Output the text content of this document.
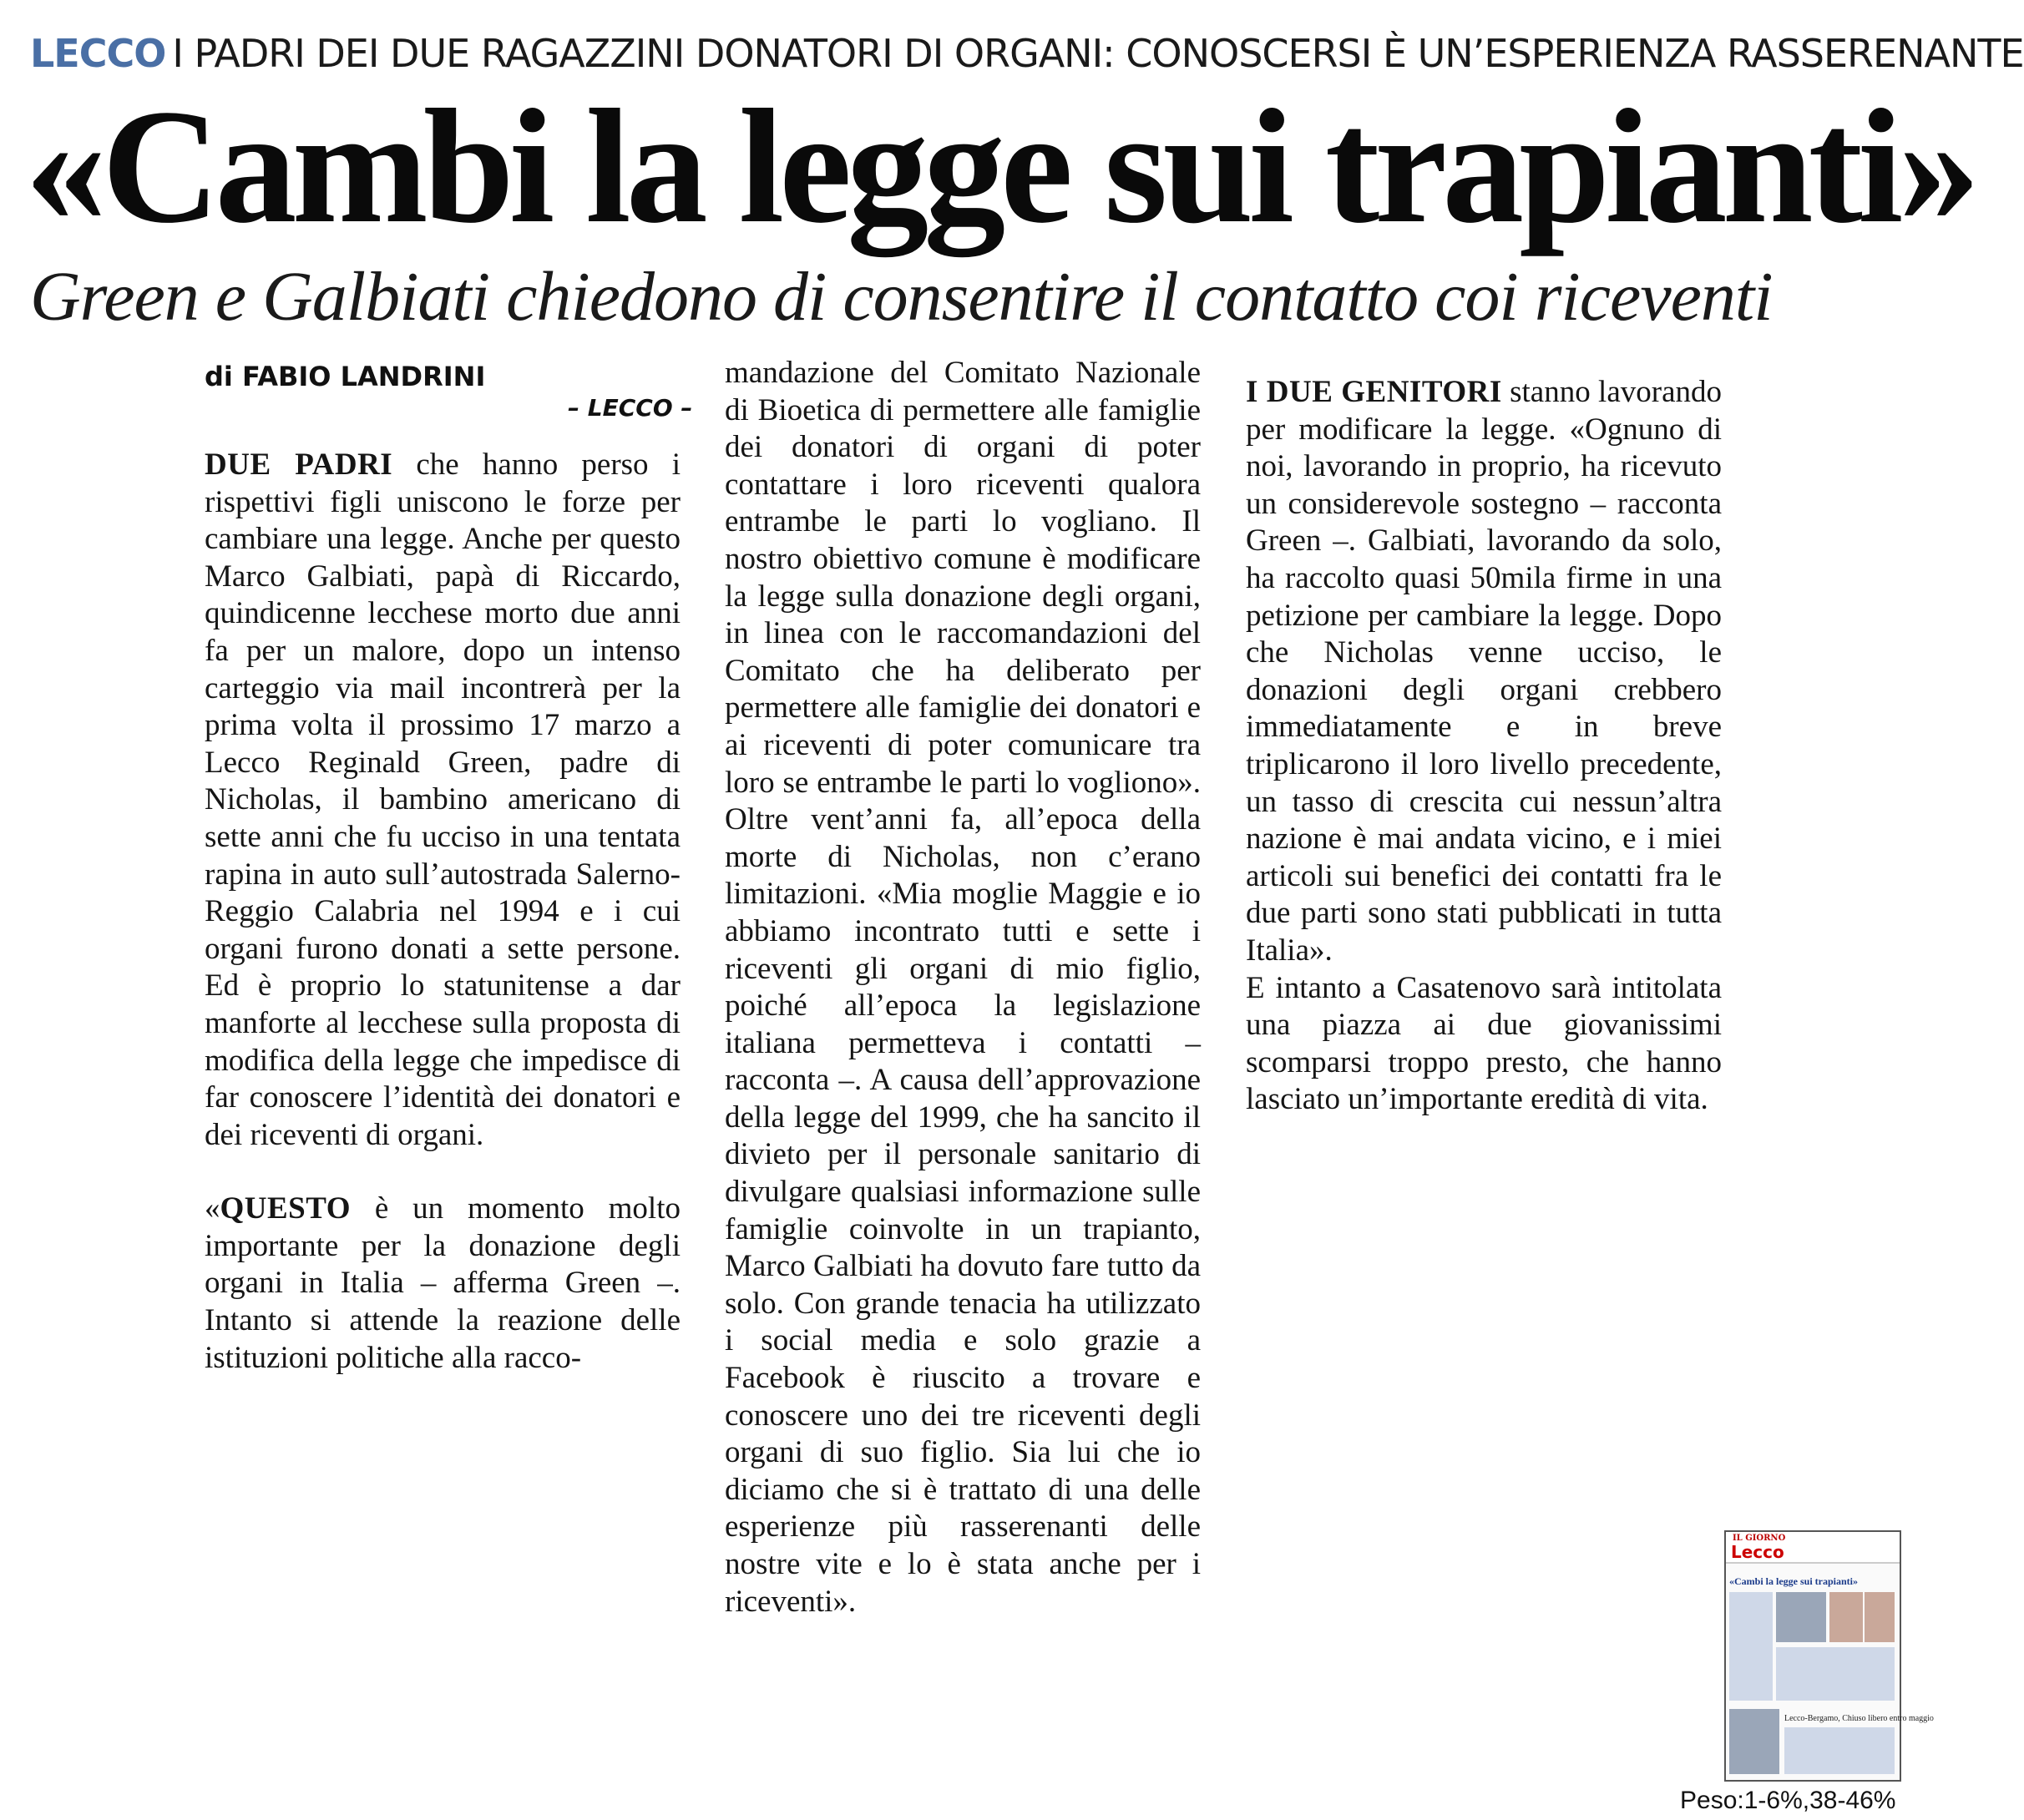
LECCO I PADRI DEI DUE RAGAZZINI DONATORI DI ORGANI: CONOSCERSI È UN’ESPERIENZA RASSERENANTE
«Cambi la legge sui trapianti»
Green e Galbiati chiedono di consentire il contatto coi riceventi
di FABIO LANDRINI
– LECCO –

DUE PADRI che hanno perso i rispettivi figli uniscono le forze per cambiare una legge. Anche per questo Marco Galbiati, papà di Riccardo, quindicenne lecchese morto due anni fa per un malore, dopo un intenso carteggio via mail incontrerà per la prima volta il prossimo 17 marzo a Lecco Reginald Green, padre di Nicholas, il bambino americano di sette anni che fu ucciso in una tentata rapina in auto sull’autostrada Salerno-Reggio Calabria nel 1994 e i cui organi furono donati a sette persone. Ed è proprio lo statunitense a dar manforte al lecchese sulla proposta di modifica della legge che impedisce di far conoscere l’identità dei donatori e dei riceventi di organi.

«QUESTO è un momento molto importante per la donazione degli organi in Italia – afferma Green –. Intanto si attende la reazione delle istituzioni politiche alla racco-

mandazione del Comitato Nazionale di Bioetica di permettere alle famiglie dei donatori di organi di poter contattare i loro riceventi qualora entrambe le parti lo vogliano. Il nostro obiettivo comune è modificare la legge sulla donazione degli organi, in linea con le raccomandazioni del Comitato che ha deliberato per permettere alle famiglie dei donatori e ai riceventi di poter comunicare tra loro se entrambe le parti lo vogliono». Oltre vent’anni fa, all’epoca della morte di Nicholas, non c’erano limitazioni. «Mia moglie Maggie e io abbiamo incontrato tutti e sette i riceventi gli organi di mio figlio, poiché all’epoca la legislazione italiana permetteva i contatti – racconta –. A causa dell’approvazione della legge del 1999, che ha sancito il divieto per il personale sanitario di divulgare qualsiasi informazione sulle famiglie coinvolte in un trapianto, Marco Galbiati ha dovuto fare tutto da solo. Con grande tenacia ha utilizzato i social media e solo grazie a Facebook è riuscito a trovare e conoscere uno dei tre riceventi degli organi di suo figlio. Sia lui che io diciamo che si è trattato di una delle esperienze più rasserenanti delle nostre vite e lo è stata anche per i riceventi».

I DUE GENITORI stanno lavorando per modificare la legge. «Ognuno di noi, lavorando in proprio, ha ricevuto un considerevole sostegno – racconta Green –. Galbiati, lavorando da solo, ha raccolto quasi 50mila firme in una petizione per cambiare la legge. Dopo che Nicholas venne ucciso, le donazioni degli organi crebbero immediatamente e in breve triplicarono il loro livello precedente, un tasso di crescita cui nessun’altra nazione è mai andata vicino, e i miei articoli sui benefici dei contatti fra le due parti sono stati pubblicati in tutta Italia».

E intanto a Casatenovo sarà intitolata una piazza ai due giovanissimi scomparsi troppo presto, che hanno lasciato un’importante eredità di vita.

IL GIORNO
Lecco
«Cambi la legge sui trapianti»
Lecco-Bergamo, Chiuso libero entro maggio
Peso:1-6%,38-46%
